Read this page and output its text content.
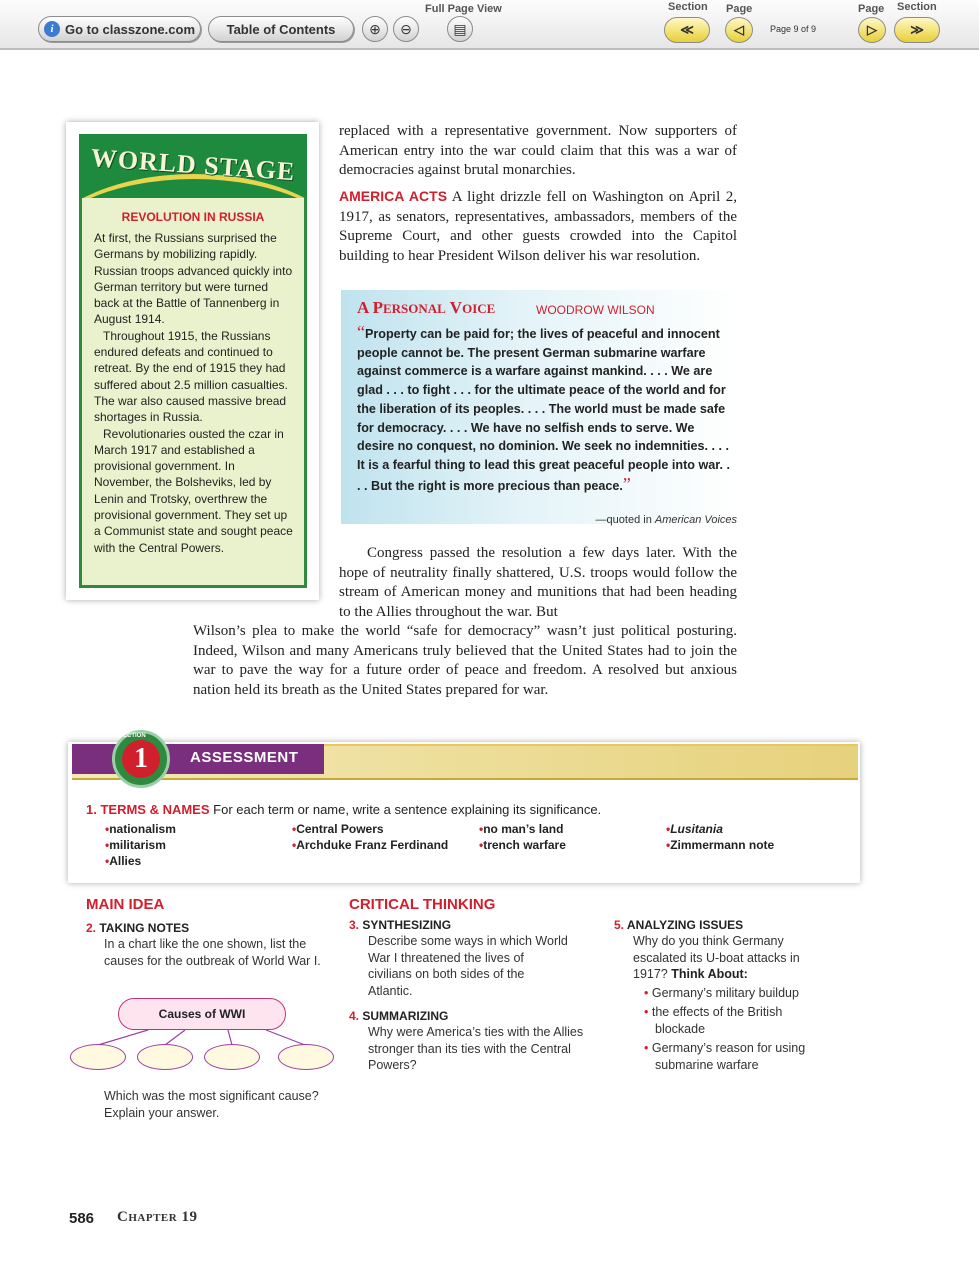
i Go to classzone.com Table of Contents ⊕ ⊖
Full Page View
▤
Section Page
≪	◁	Page 9 of 9
Page Section
▷	≫
WORLD STAGE
REVOLUTION IN RUSSIA

At first, the Russians surprised the Germans by mobilizing rapidly. Russian troops advanced quickly into German territory but were turned back at the Battle of Tannenberg in August 1914.

Throughout 1915, the Russians endured defeats and continued to retreat. By the end of 1915 they had suffered about 2.5 million casualties. The war also caused massive bread shortages in Russia.

Revolutionaries ousted the czar in March 1917 and established a provisional government. In November, the Bolsheviks, led by Lenin and Trotsky, overthrew the provisional government. They set up a Communist state and sought peace with the Central Powers.

replaced with a representative government. Now supporters of American entry into the war could claim that this was a war of democracies against brutal monarchies.
AMERICA ACTS A light drizzle fell on Washington on April 2, 1917, as senators, representatives, ambassadors, members of the Supreme Court, and other guests crowded into the Capitol building to hear President Wilson deliver his war resolution.
A PERSONAL VOICE	WOODROW WILSON
“Property can be paid for; the lives of peaceful and innocent people cannot be. The present German submarine warfare against commerce is a warfare against mankind. . . . We are glad . . . to fight . . . for the ultimate peace of the world and for the liberation of its peoples. . . . The world must be made safe for democracy. . . . We have no selfish ends to serve. We desire no conquest, no dominion. We seek no indemnities. . . . It is a fearful thing to lead this great peaceful people into war. . . . But the right is more precious than peace.”
—quoted in American Voices
Congress passed the resolution a few days later. With the hope of neutrality finally shattered, U.S. troops would follow the stream of American money and munitions that had been heading to the Allies throughout the war. But
Wilson’s plea to make the world “safe for democracy” wasn’t just political posturing. Indeed, Wilson and many Americans truly believed that the United States had to join the war to pave the way for a future order of peace and freedom. A resolved but anxious nation held its breath as the United States prepared for war.
ASSESSMENT
1
SECTION
1. TERMS & NAMES For each term or name, write a sentence explaining its significance.
•nationalism
•militarism
•Allies
•Central Powers
•Archduke Franz Ferdinand
•no man’s land
•trench warfare
•Lusitania
•Zimmermann note
MAIN IDEA	CRITICAL THINKING
2. TAKING NOTES
In a chart like the one shown, list the causes for the outbreak of World War I.
Causes of WWI
Which was the most significant cause? Explain your answer.
3. SYNTHESIZING
Describe some ways in which World War I threatened the lives of civilians on both sides of the Atlantic.
4. SUMMARIZING
Why were America’s ties with the Allies stronger than its ties with the Central Powers?
5. ANALYZING ISSUES
Why do you think Germany escalated its U-boat attacks in 1917? Think About:
• Germany’s military buildup
• the effects of the British blockade
• Germany’s reason for using submarine warfare
586 CHAPTER 19
